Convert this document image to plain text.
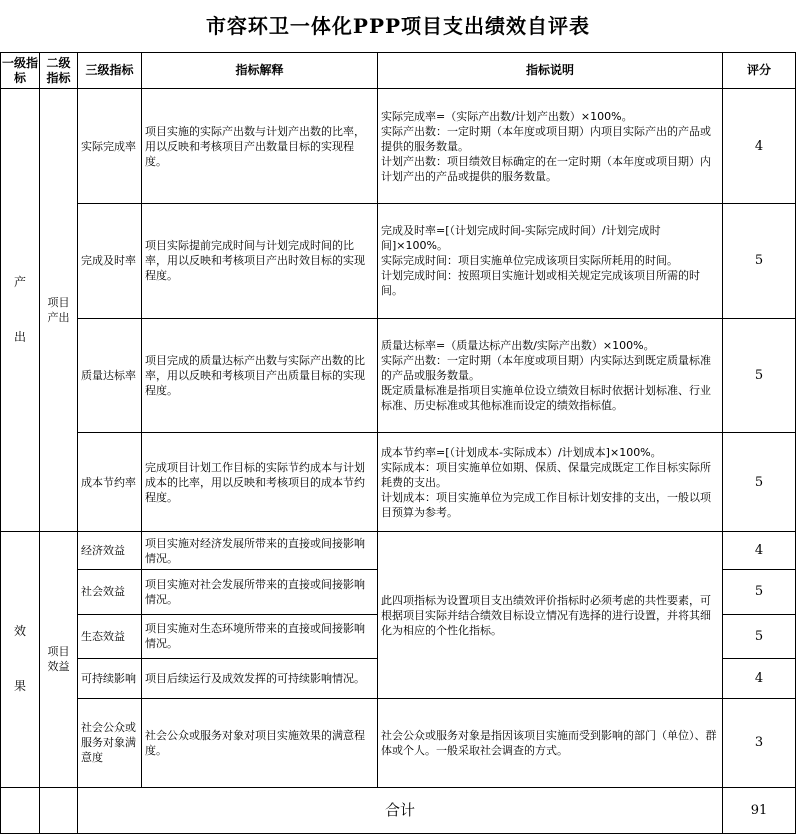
市容环卫一体化PPP项目支出绩效自评表
一级指标	二级指标	三级指标	指标解释	指标说明	评分

产
出	项目产出	实际完成率	项目实施的实际产出数与计划产出数的比率，用以反映和考核项目产出数量目标的实现程度。	实际完成率=（实际产出数/计划产出数）×100%。
实际产出数：一定时期（本年度或项目期）内项目实际产出的产品或提供的服务数量。
计划产出数：项目绩效目标确定的在一定时期（本年度或项目期）内计划产出的产品或提供的服务数量。	4
		完成及时率	项目实际提前完成时间与计划完成时间的比率，用以反映和考核项目产出时效目标的实现程度。	完成及时率=[（计划完成时间-实际完成时间）/计划完成时间]×100%。
实际完成时间：项目实施单位完成该项目实际所耗用的时间。
计划完成时间：按照项目实施计划或相关规定完成该项目所需的时间。	5
		质量达标率	项目完成的质量达标产出数与实际产出数的比率，用以反映和考核项目产出质量目标的实现程度。	质量达标率=（质量达标产出数/实际产出数）×100%。
实际产出数：一定时期（本年度或项目期）内实际达到既定质量标准的产品或服务数量。
既定质量标准是指项目实施单位设立绩效目标时依据计划标准、行业标准、历史标准或其他标准而设定的绩效指标值。	5
		成本节约率	完成项目计划工作目标的实际节约成本与计划成本的比率，用以反映和考核项目的成本节约程度。	成本节约率=[（计划成本-实际成本）/计划成本]×100%。
实际成本：项目实施单位如期、保质、保量完成既定工作目标实际所耗费的支出。
计划成本：项目实施单位为完成工作目标计划安排的支出，一般以项目预算为参考。	5

效
果	项目效益	经济效益	项目实施对经济发展所带来的直接或间接影响情况。	此四项指标为设置项目支出绩效评价指标时必须考虑的共性要素，可根据项目实际并结合绩效目标设立情况有选择的进行设置，并将其细化为相应的个性化指标。	4
		社会效益	项目实施对社会发展所带来的直接或间接影响情况。		5
		生态效益	项目实施对生态环境所带来的直接或间接影响情况。		5
		可持续影响	项目后续运行及成效发挥的可持续影响情况。		4
		社会公众或服务对象满意度	社会公众或服务对象对项目实施效果的满意程度。	社会公众或服务对象是指因该项目实施而受到影响的部门（单位）、群体或个人。一般采取社会调查的方式。	3
		合计			91
